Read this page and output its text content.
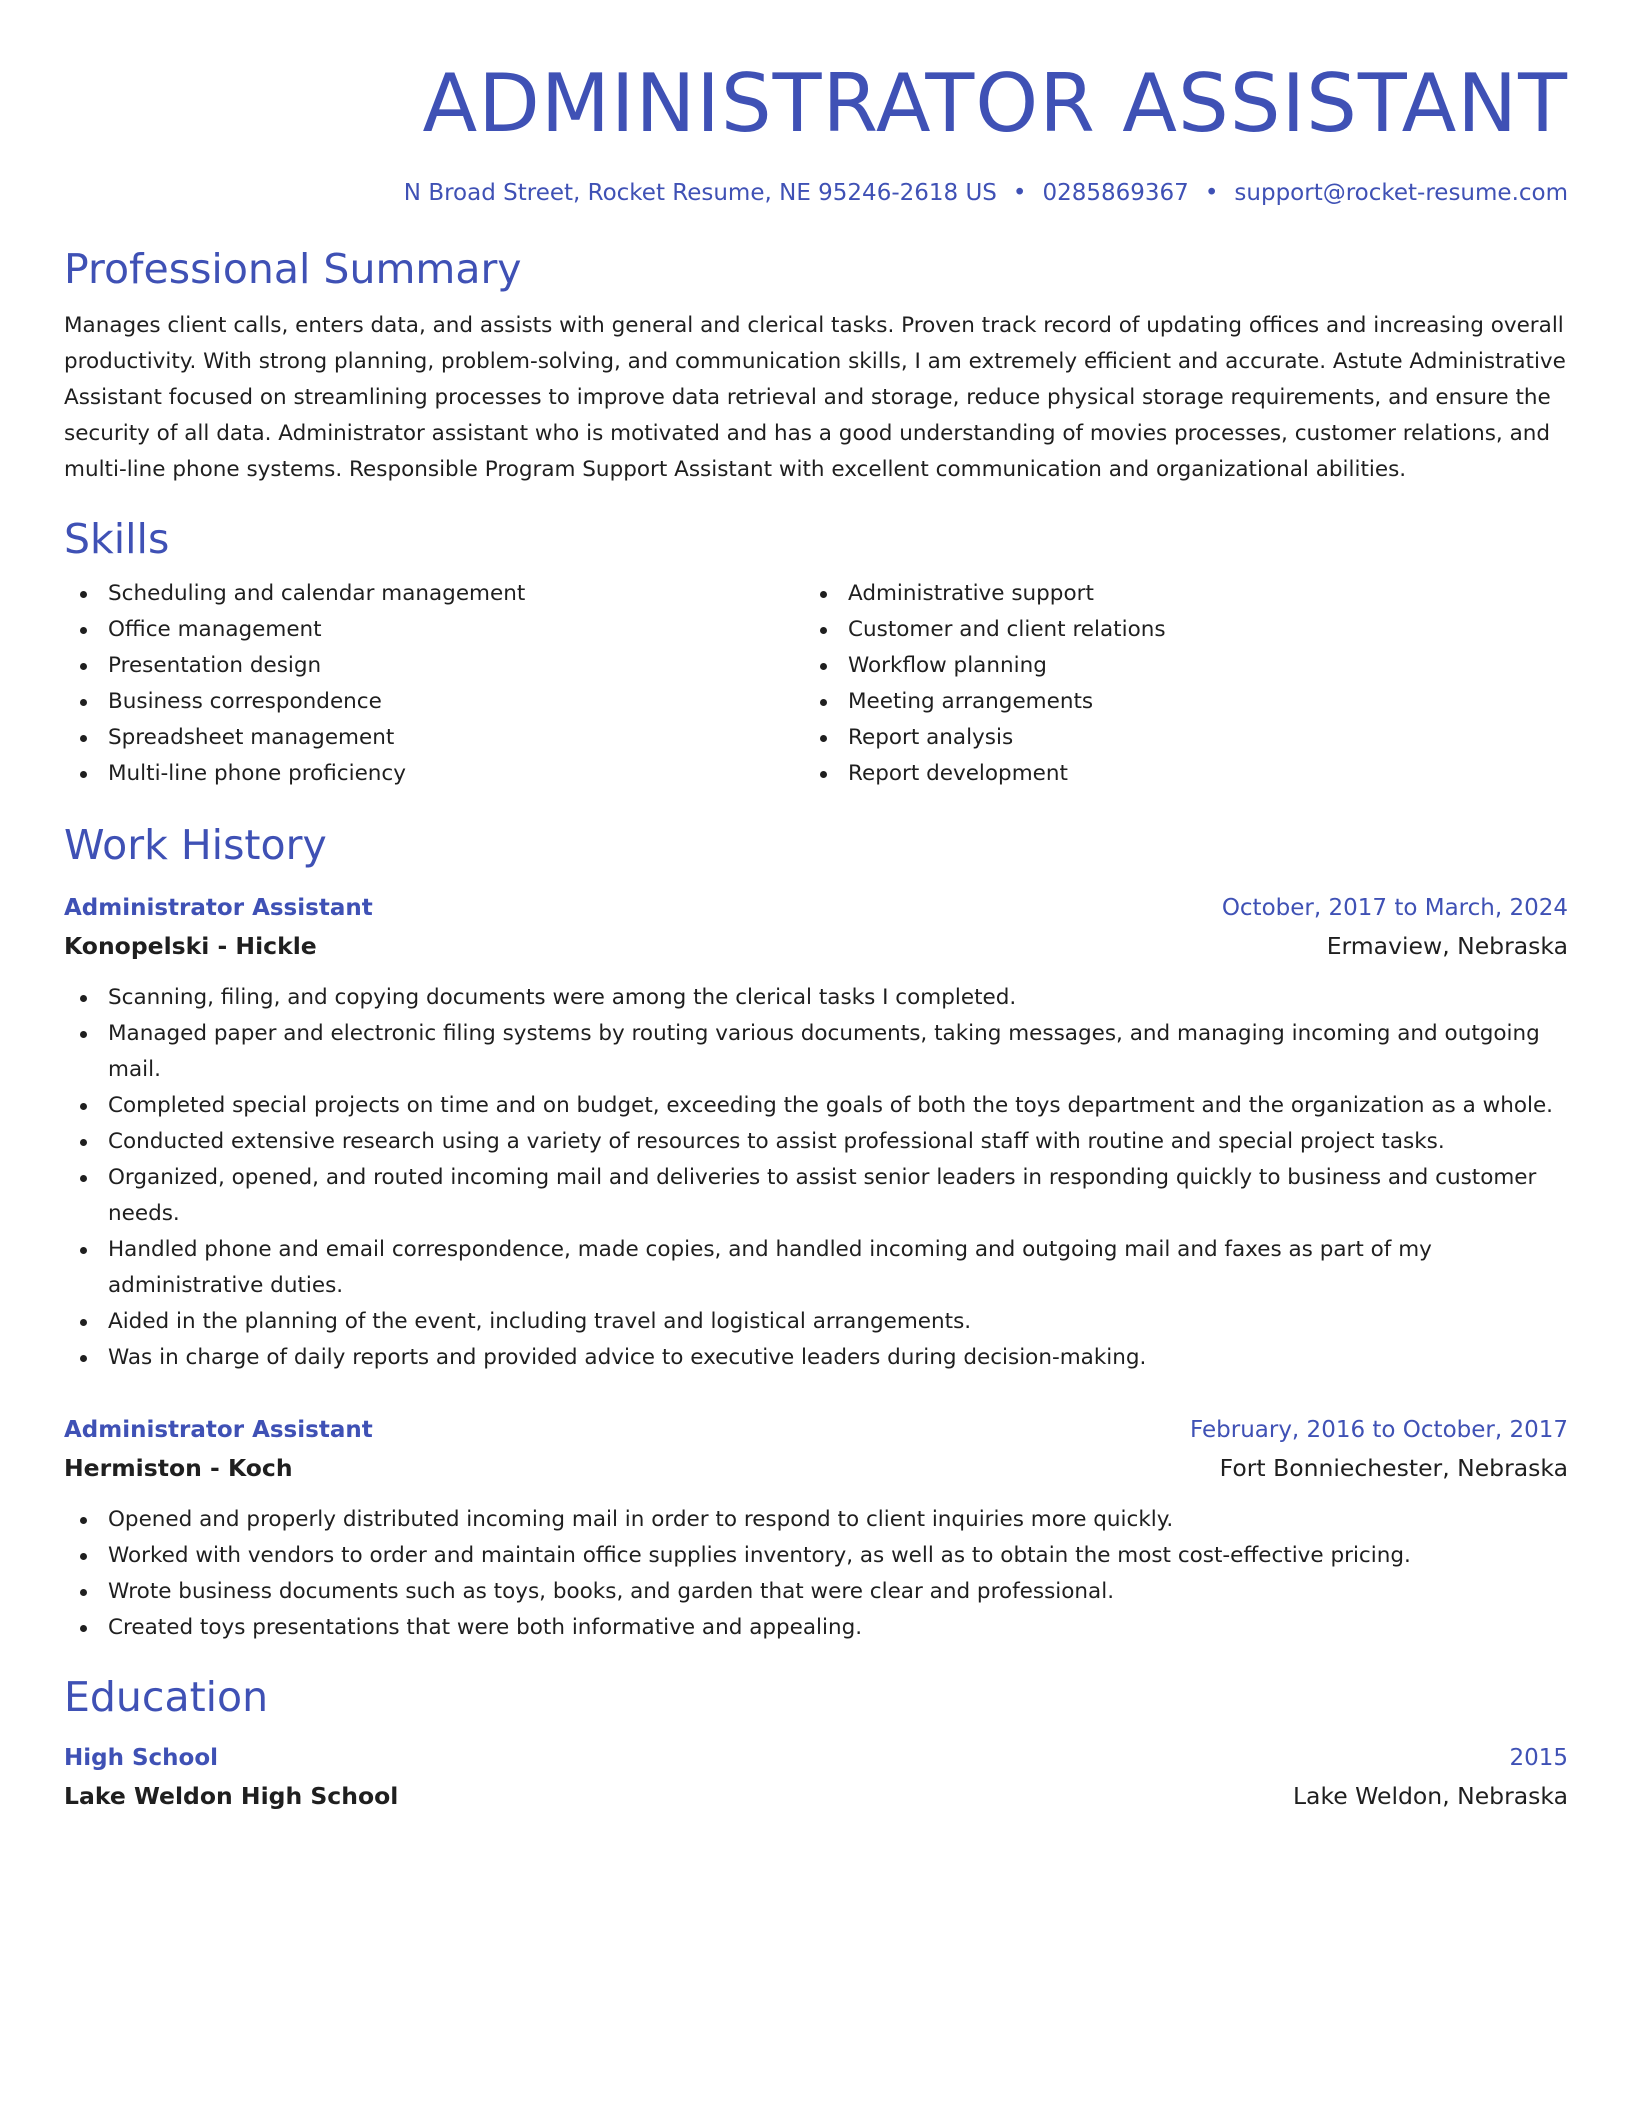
ADMINISTRATOR ASSISTANT
N Broad Street, Rocket Resume, NE 95246-2618 US • 0285869367 • support@rocket-resume.com
Professional Summary
Manages client calls, enters data, and assists with general and clerical tasks. Proven track record of updating offices and increasing overall productivity. With strong planning, problem-solving, and communication skills, I am extremely efficient and accurate. Astute Administrative Assistant focused on streamlining processes to improve data retrieval and storage, reduce physical storage requirements, and ensure the security of all data. Administrator assistant who is motivated and has a good understanding of movies processes, customer relations, and multi-line phone systems. Responsible Program Support Assistant with excellent communication and organizational abilities.
Skills
Scheduling and calendar management
Office management
Presentation design
Business correspondence
Spreadsheet management
Multi-line phone proficiency
Administrative support
Customer and client relations
Workflow planning
Meeting arrangements
Report analysis
Report development
Work History
Administrator Assistant	October, 2017 to March, 2024
Konopelski - Hickle	Ermaview, Nebraska
Scanning, filing, and copying documents were among the clerical tasks I completed.
Managed paper and electronic filing systems by routing various documents, taking messages, and managing incoming and outgoing mail.
Completed special projects on time and on budget, exceeding the goals of both the toys department and the organization as a whole.
Conducted extensive research using a variety of resources to assist professional staff with routine and special project tasks.
Organized, opened, and routed incoming mail and deliveries to assist senior leaders in responding quickly to business and customer needs.
Handled phone and email correspondence, made copies, and handled incoming and outgoing mail and faxes as part of my administrative duties.
Aided in the planning of the event, including travel and logistical arrangements.
Was in charge of daily reports and provided advice to executive leaders during decision-making.
Administrator Assistant	February, 2016 to October, 2017
Hermiston - Koch	Fort Bonniechester, Nebraska
Opened and properly distributed incoming mail in order to respond to client inquiries more quickly.
Worked with vendors to order and maintain office supplies inventory, as well as to obtain the most cost-effective pricing.
Wrote business documents such as toys, books, and garden that were clear and professional.
Created toys presentations that were both informative and appealing.
Education
High School	2015
Lake Weldon High School	Lake Weldon, Nebraska
